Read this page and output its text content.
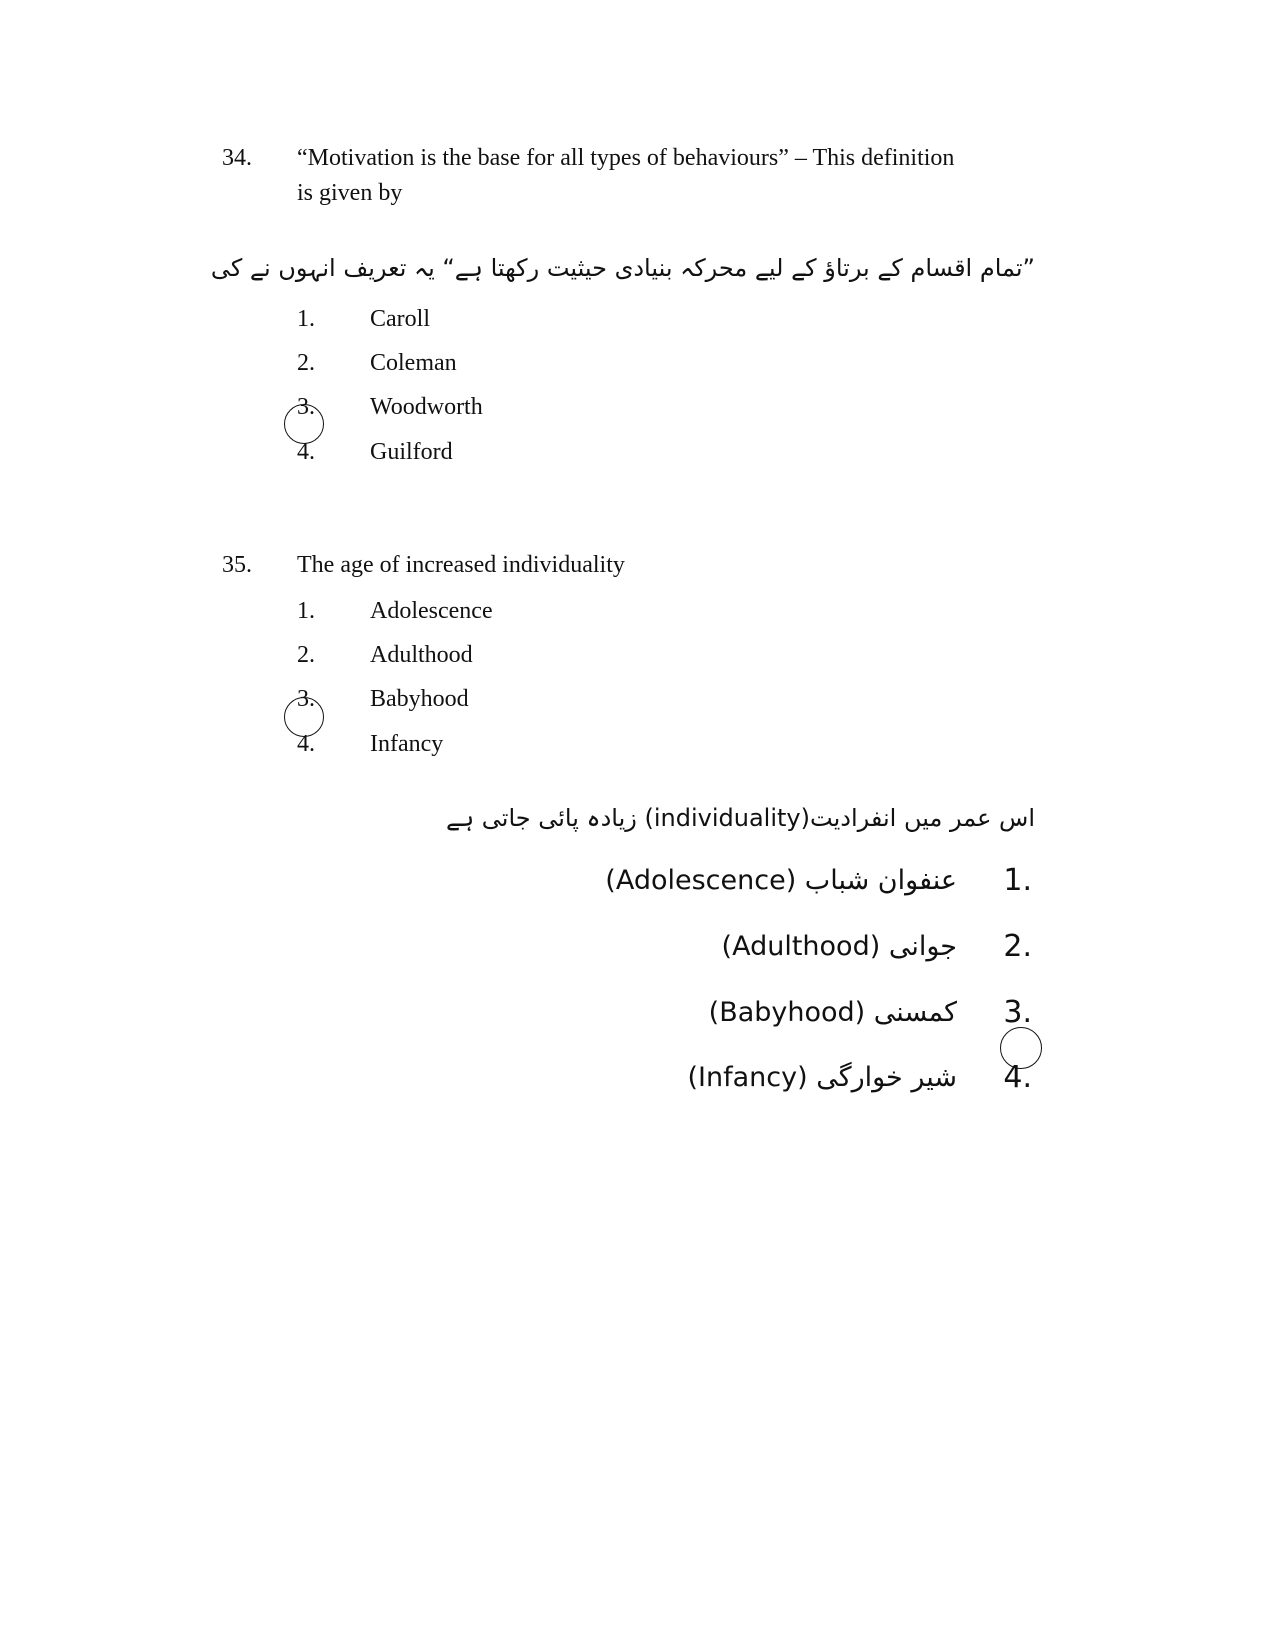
34. “Motivation is the base for all types of behaviours” – This definition
is given by
”تمام اقسام کے برتاؤ کے لیے محرکہ بنیادی حیثیت رکھتا ہے“ یہ تعریف انہوں نے کی
1. Caroll
2. Coleman
3. Woodworth
4. Guilford
35. The age of increased individuality
1. Adolescence
2. Adulthood
3. Babyhood
4. Infancy
اس عمر میں انفرادیت(individuality) زیادہ پائی جاتی ہے
.1
عنفوان شباب (Adolescence)
.2
جوانی (Adulthood)
.3
کمسنی (Babyhood)
.4
شیر خوارگی (Infancy)
